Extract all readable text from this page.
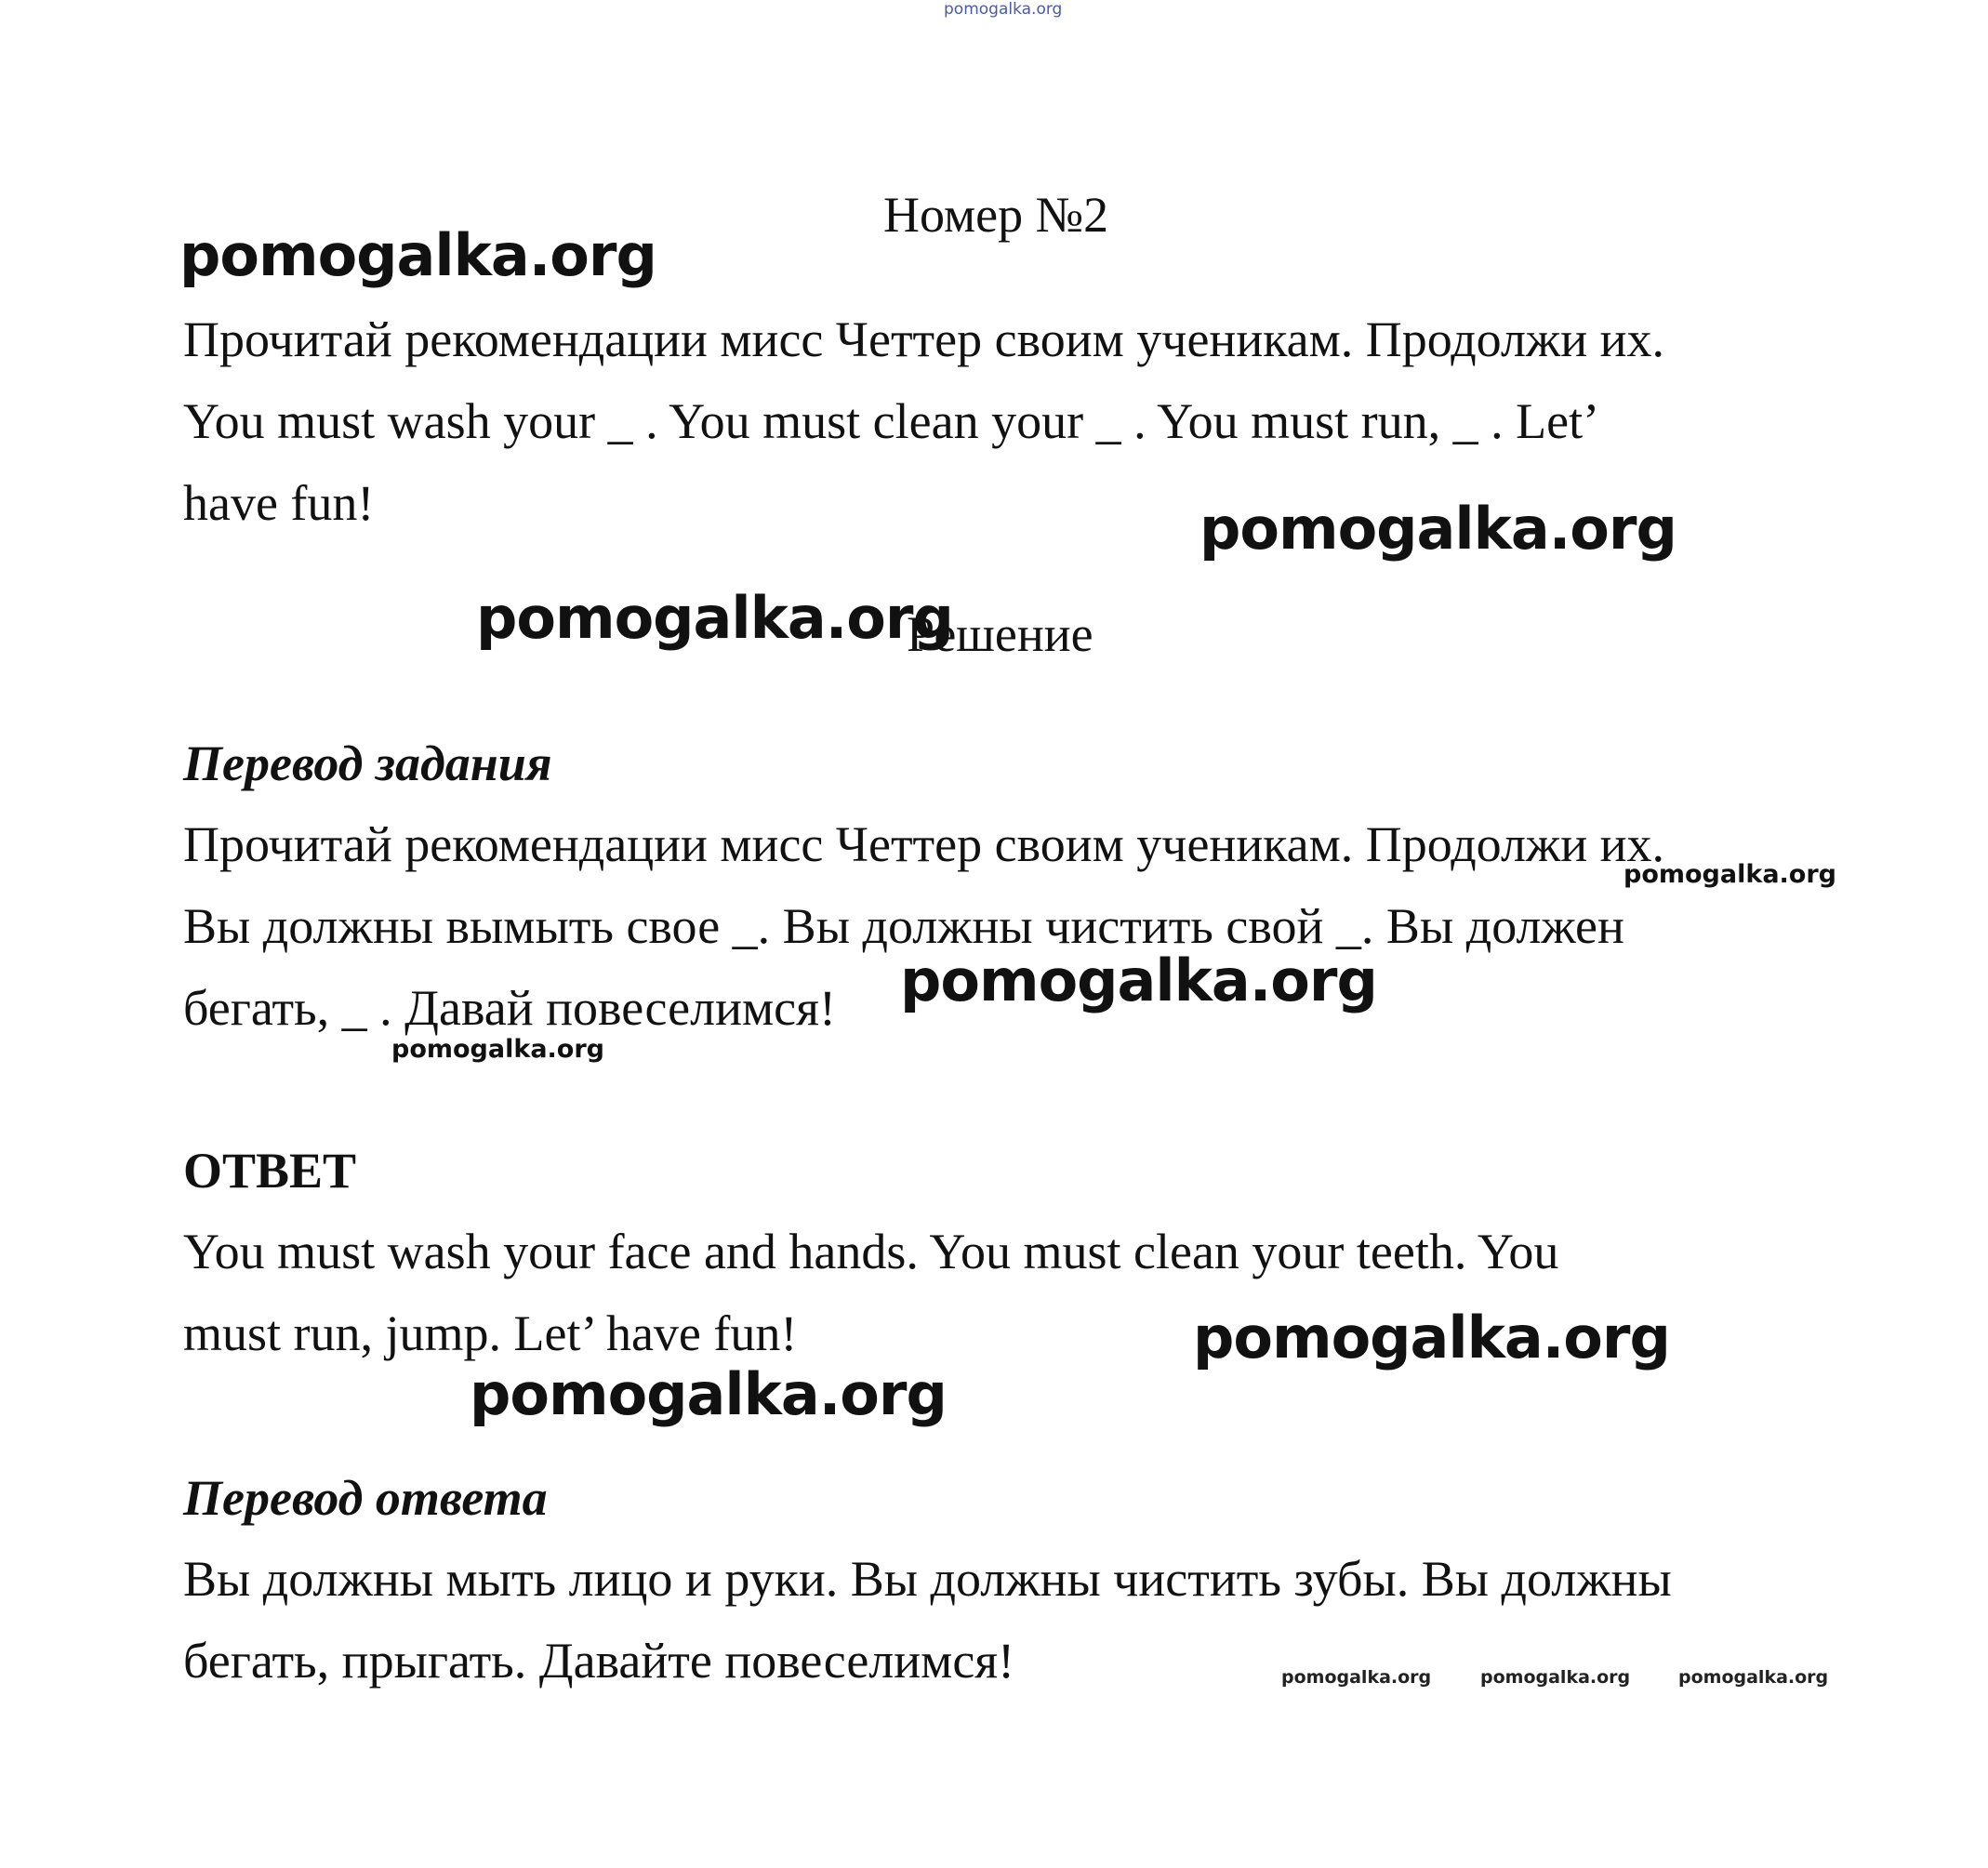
pomogalka.org
Номер №2
pomogalka.org
pomogalka.org
pomogalka.org
pomogalka.org
pomogalka.org
pomogalka.org
pomogalka.org
pomogalka.org
pomogalka.org	pomogalka.org	pomogalka.org
Прочитай рекомендации мисс Четтер своим ученикам. Продолжи их.
You must wash your _ . You must clean your _ . You must run, _ . Let’
have fun!
Решение
Перевод задания
Прочитай рекомендации мисс Четтер своим ученикам. Продолжи их.
Вы должны вымыть свое _. Вы должны чистить свой _. Вы должен
бегать, _ . Давай повеселимся!
ОТВЕТ
You must wash your face and hands. You must clean your teeth. You
must run, jump. Let’ have fun!
Перевод ответа
Вы должны мыть лицо и руки. Вы должны чистить зубы. Вы должны
бегать, прыгать. Давайте повеселимся!
